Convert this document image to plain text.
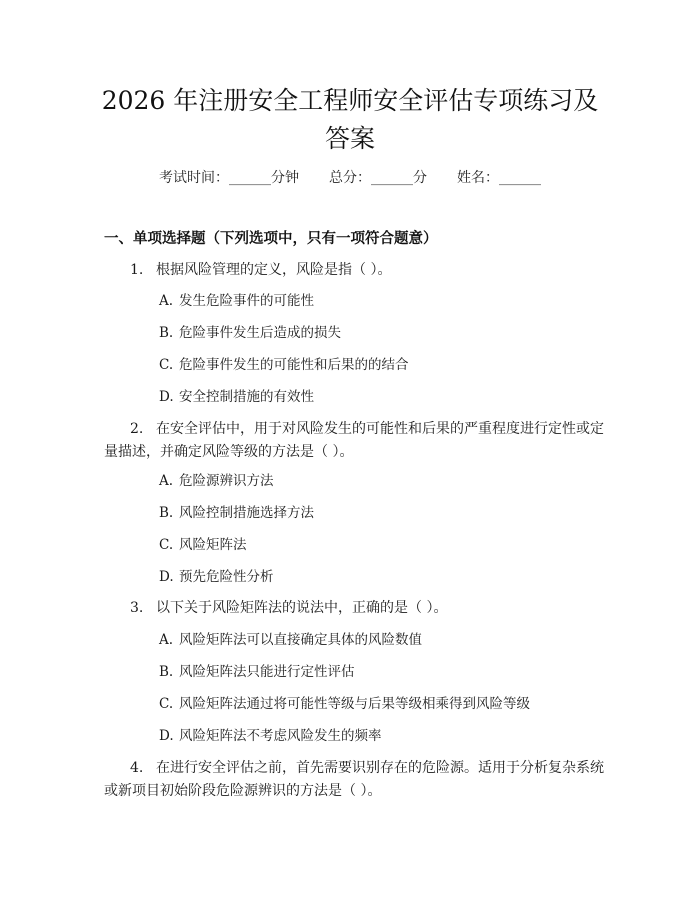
2026 年注册安全工程师安全评估专项练习及
答案
考试时间：______分钟 总分：______分 姓名：______
一、单项选择题（下列选项中，只有一项符合题意）
1. 根据风险管理的定义，风险是指（ ）。
A. 发生危险事件的可能性
B. 危险事件发生后造成的损失
C. 危险事件发生的可能性和后果的的结合
D. 安全控制措施的有效性
2. 在安全评估中，用于对风险发生的可能性和后果的严重程度进行定性或定
量描述，并确定风险等级的方法是（ ）。
A. 危险源辨识方法
B. 风险控制措施选择方法
C. 风险矩阵法
D. 预先危险性分析
3. 以下关于风险矩阵法的说法中，正确的是（ ）。
A. 风险矩阵法可以直接确定具体的风险数值
B. 风险矩阵法只能进行定性评估
C. 风险矩阵法通过将可能性等级与后果等级相乘得到风险等级
D. 风险矩阵法不考虑风险发生的频率
4. 在进行安全评估之前，首先需要识别存在的危险源。适用于分析复杂系统
或新项目初始阶段危险源辨识的方法是（ ）。
